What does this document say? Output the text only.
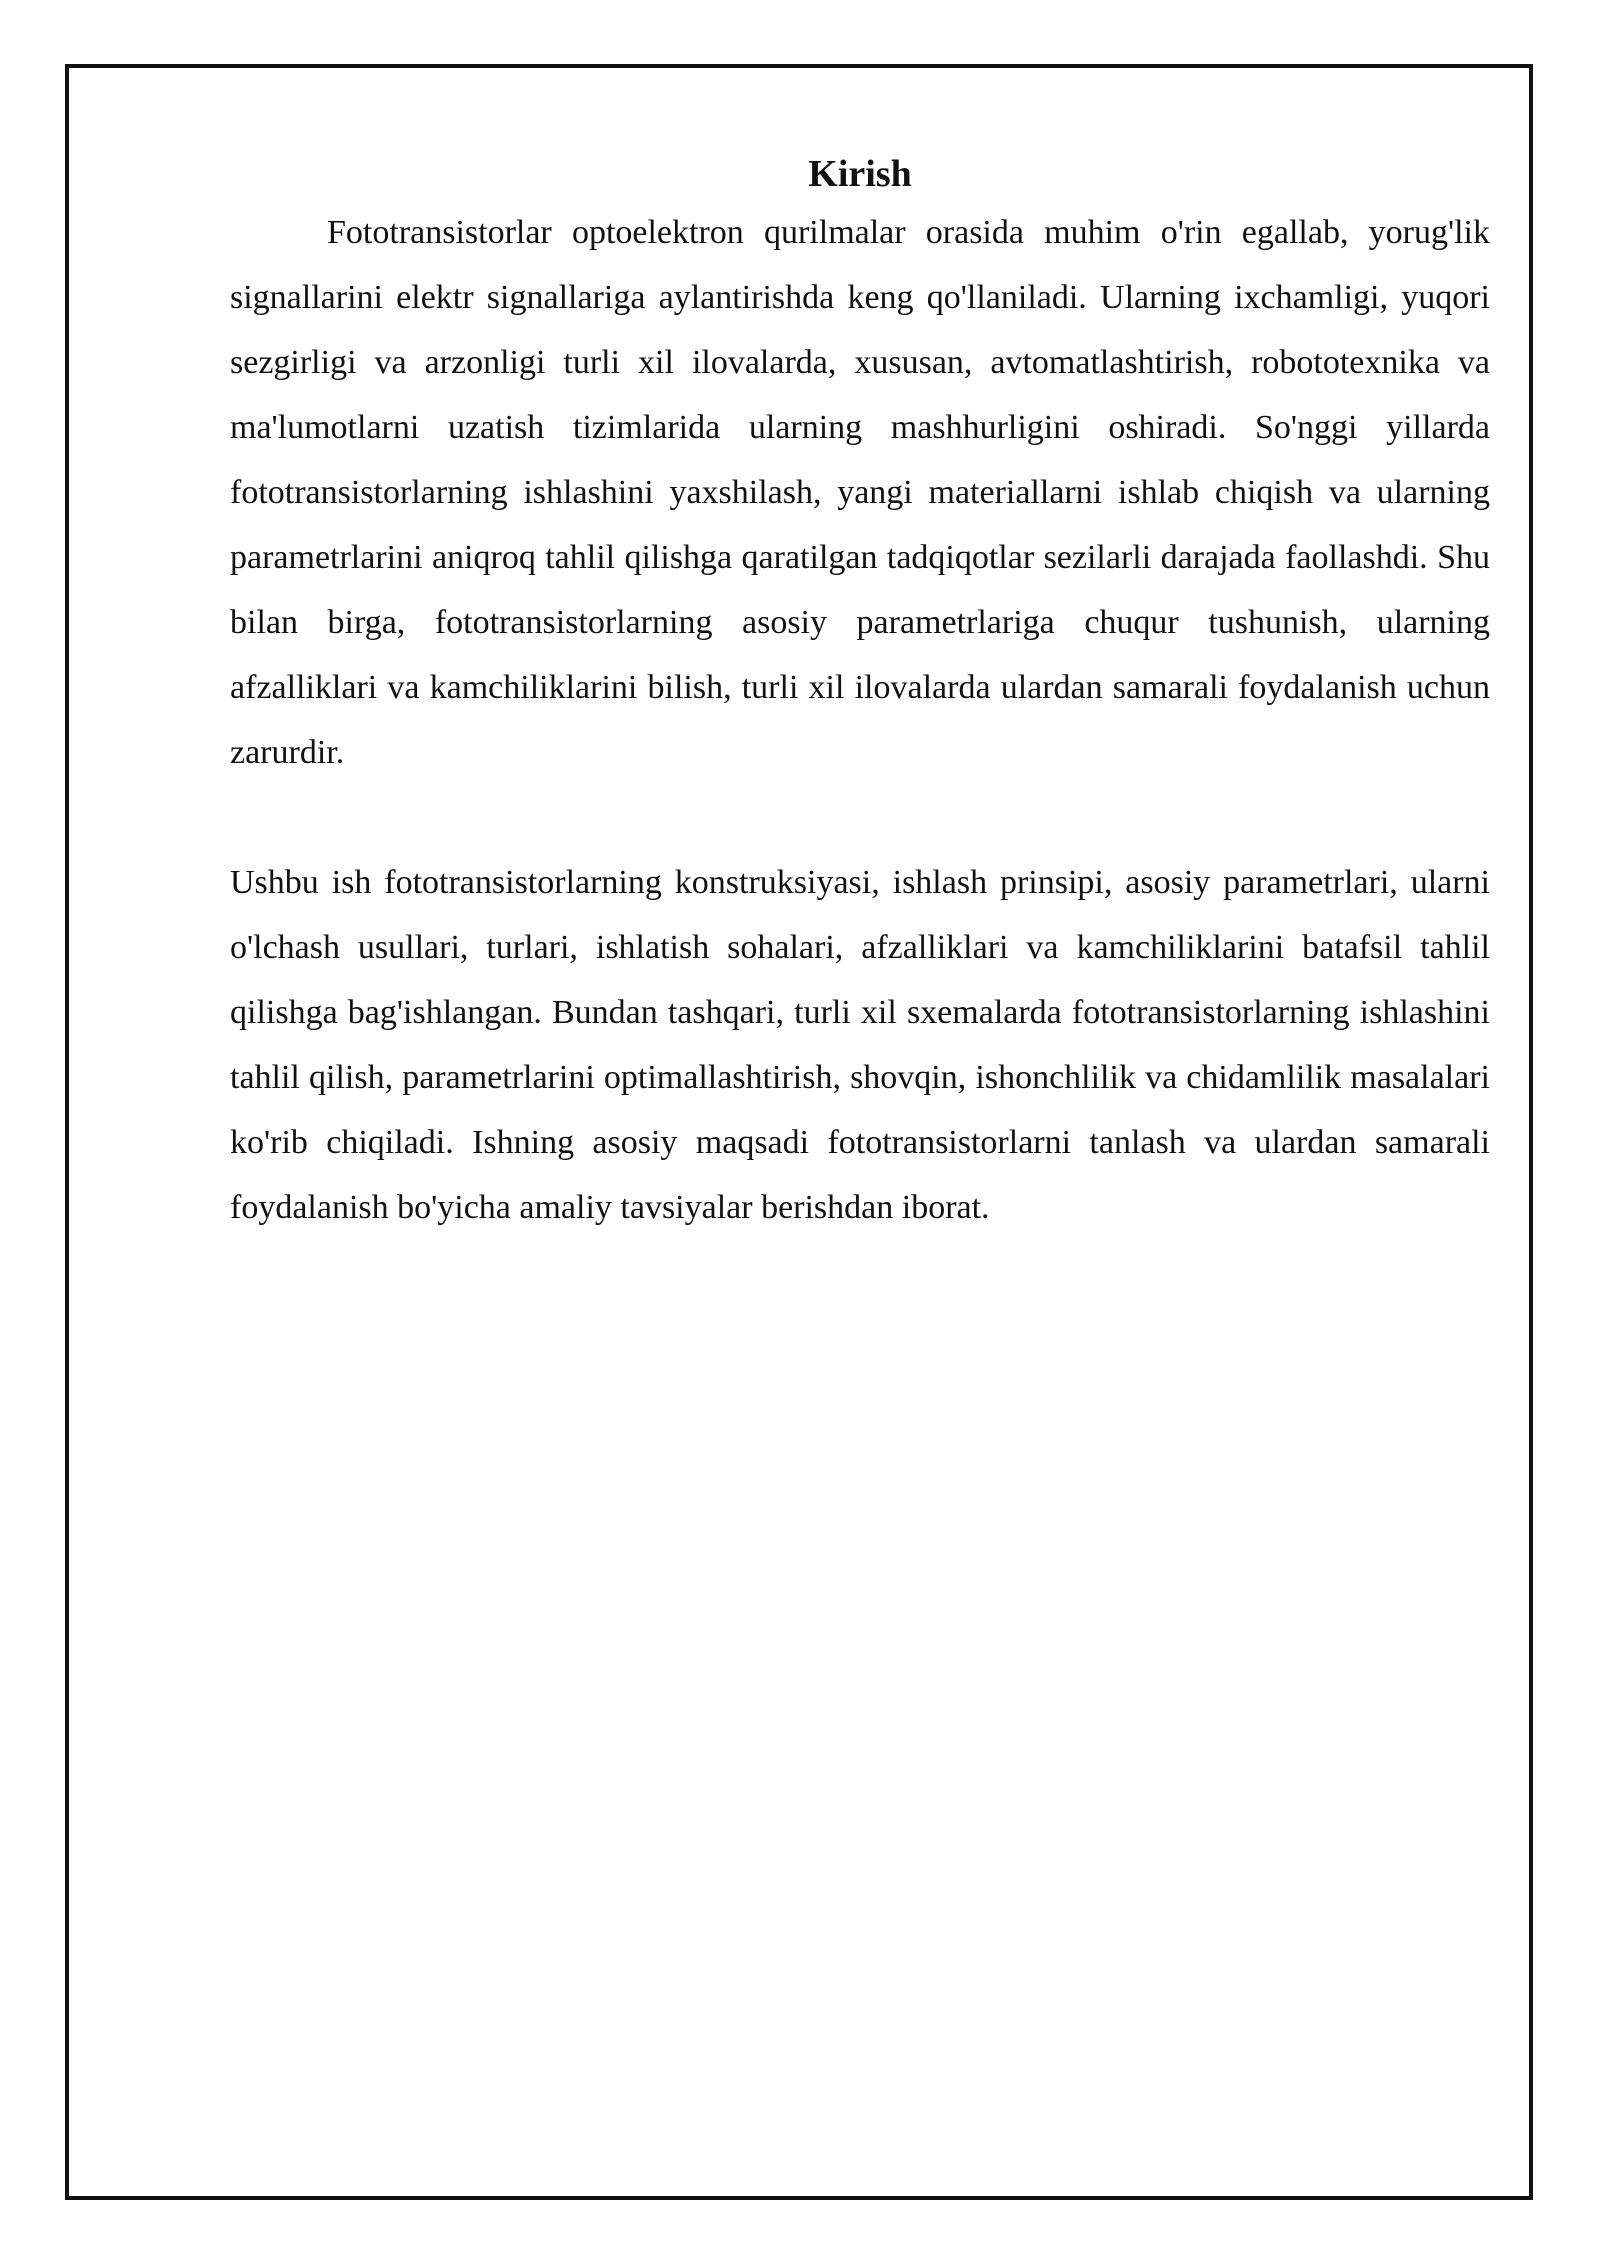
Kirish

Fototransistorlar optoelektron qurilmalar orasida muhim o'rin egallab, yorug'lik signallarini elektr signallariga aylantirishda keng qo'llaniladi. Ularning ixchamligi, yuqori sezgirligi va arzonligi turli xil ilovalarda, xususan, avtomatlashtirish, robototexnika va ma'lumotlarni uzatish tizimlarida ularning mashhurligini oshiradi. So'nggi yillarda fototransistorlarning ishlashini yaxshilash, yangi materiallarni ishlab chiqish va ularning parametrlarini aniqroq tahlil qilishga qaratilgan tadqiqotlar sezilarli darajada faollashdi. Shu bilan birga, fototransistorlarning asosiy parametrlariga chuqur tushunish, ularning afzalliklari va kamchiliklarini bilish, turli xil ilovalarda ulardan samarali foydalanish uchun zarurdir.

Ushbu ish fototransistorlarning konstruksiyasi, ishlash prinsipi, asosiy parametrlari, ularni o'lchash usullari, turlari, ishlatish sohalari, afzalliklari va kamchiliklarini batafsil tahlil qilishga bag'ishlangan. Bundan tashqari, turli xil sxemalarda fototransistorlarning ishlashini tahlil qilish, parametrlarini optimallashtirish, shovqin, ishonchlilik va chidamlilik masalalari ko'rib chiqiladi. Ishning asosiy maqsadi fototransistorlarni tanlash va ulardan samarali foydalanish bo'yicha amaliy tavsiyalar berishdan iborat.
